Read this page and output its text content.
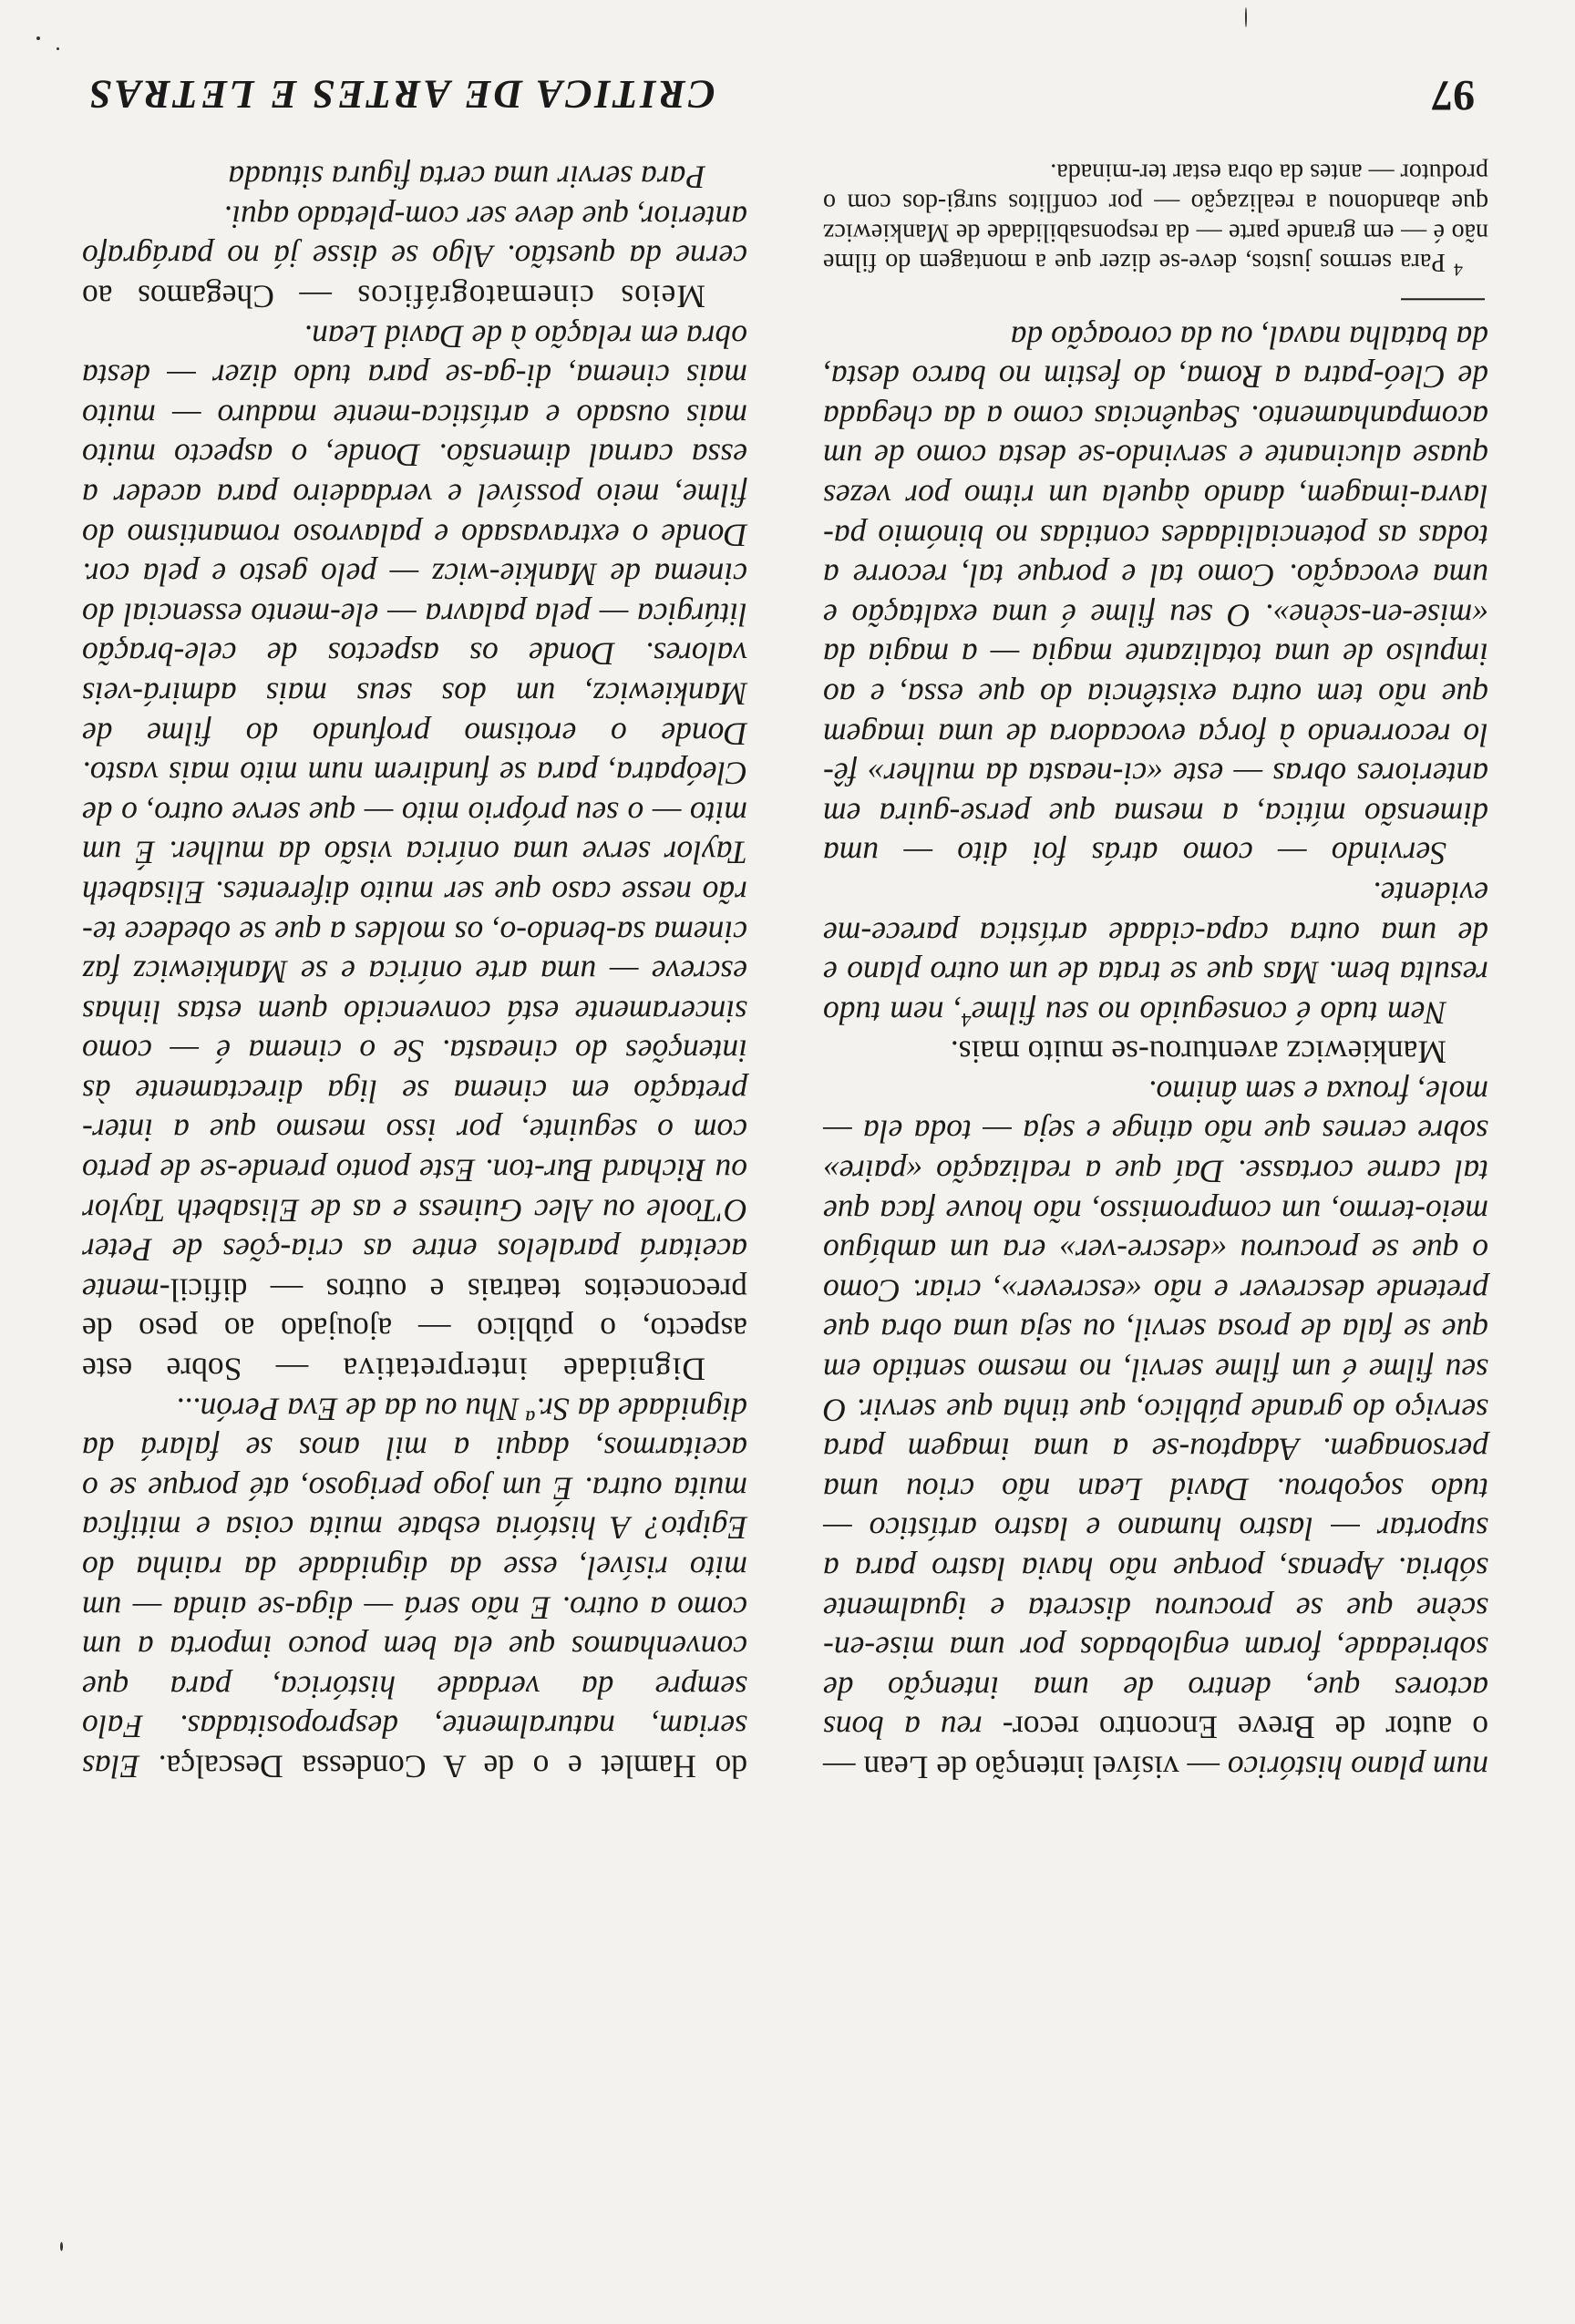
97
CRITICA DE ARTES E LETRAS

num plano histórico — visível intenção de Lean — o autor de Breve Encontro recor- reu a bons actores que, dentro de uma intenção de sobriedade, foram englobados por uma mise-en-scène que se procurou discreta e igualmente sóbria. Apenas, porque não havia lastro para a suportar — lastro humano e lastro artístico — tudo soçobrou. David Lean não criou uma personagem. Adaptou-se a uma imagem para serviço do grande público, que tinha que servir. O seu filme é um filme servil, no mesmo sentido em que se fala de prosa servil, ou seja uma obra que pretende descrever e não «escrever», criar. Como o que se procurou «descre-ver» era um ambíguo meio-termo, um compromisso, não houve faca que tal carne cortasse. Daí que a realização «paire» sobre cernes que não atinge e seja — toda ela — mole, frouxa e sem ânimo.

Mankiewicz aventurou-se muito mais.

Nem tudo é conseguido no seu filme$^4$, nem tudo resulta bem. Mas que se trata de um outro plano e de uma outra capa-cidade artística parece-me evidente.

Servindo — como atrás foi dito — uma dimensão mítica, a mesma que perse-guira em anteriores obras — este «ci-neasta da mulher» fê-lo recorrendo à força evocadora de uma imagem que não tem outra existência do que essa, e ao impulso de uma totalizante magia — a magia da «mise-en-scène». O seu filme é uma exaltação e uma evocação. Como tal e porque tal, recorre a todas as potencialidades contidas no binómio pa-lavra-imagem, dando àquela um ritmo por vezes quase alucinante e servindo-se desta como de um acompanhamento. Sequências como a da chegada de Cleó-patra a Roma, do festim no barco desta, da batalha naval, ou da coroação da

$^4$ Para sermos justos, deve-se dizer que a montagem do filme não é — em grande parte — da responsabilidade de Mankiewicz que abandonou a realização — por conflitos surgi-dos com o produtor — antes da obra estar ter-minada.

do Hamlet e o de A Condessa Descalça. Elas seriam, naturalmente, despropositadas. Falo sempre da verdade histórica, para que convenhamos que ela bem pouco importa a um como a outro. E não será — diga-se ainda — um mito risível, esse da dignidade da rainha do Egipto? A história esbate muita coisa e mitifica muita outra. É um jogo perigoso, até porque se o aceitarmos, daqui a mil anos se falará da dignidade da Sr.ª Nhu ou da de Eva Perón...

Dignidade interpretativa — Sobre este aspecto, o público — ajoujado ao peso de preconceitos teatrais e outros — dificil-mente aceitará paralelos entre as cria-ções de Peter O'Toole ou Alec Guiness e as de Elisabeth Taylor ou Richard Bur-ton. Este ponto prende-se de perto com o seguinte, por isso mesmo que a inter-pretação em cinema se liga directamente às intenções do cineasta. Se o cinema é — como sinceramente está convencido quem estas linhas escreve — uma arte onírica e se Mankiewicz faz cinema sa-bendo-o, os moldes a que se obedece te-rão nesse caso que ser muito diferentes. Elisabeth Taylor serve uma onírica visão da mulher. É um mito — o seu próprio mito — que serve outro, o de Cleópatra, para se fundirem num mito mais vasto. Donde o erotismo profundo do filme de Mankiewicz, um dos seus mais admirá-veis valores. Donde os aspectos de cele-bração litúrgica — pela palavra — ele-mento essencial do cinema de Mankie-wicz — pelo gesto e pela cor. Donde o extravasado e palavroso romantismo do filme, meio possível e verdadeiro para aceder a essa carnal dimensão. Donde, o aspecto muito mais ousado e artística-mente maduro — muito mais cinema, di-ga-se para tudo dizer — desta obra em relação à de David Lean.

Meios cinematográficos — Chegamos ao cerne da questão. Algo se disse já no parágrafo anterior, que deve ser com-pletado aqui.

Para servir uma certa figura situada
